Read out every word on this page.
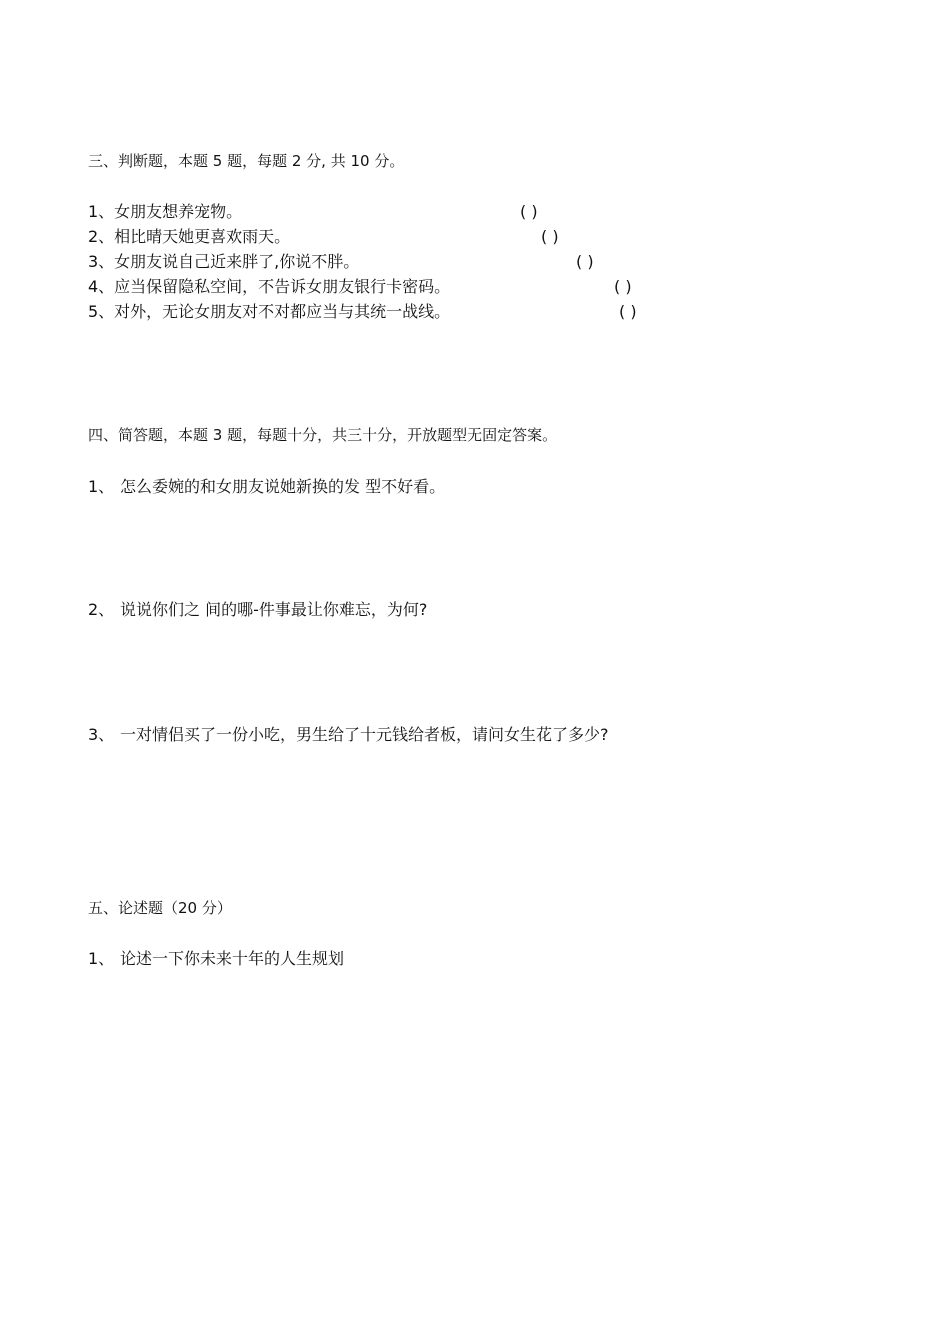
三、判断题，本题 5 题，每题 2 分, 共 10 分。
1、女朋友想养宠物。	( )
2、相比晴天她更喜欢雨天。	( )
3、女朋友说自己近来胖了,你说不胖。	( )
4、应当保留隐私空间，不告诉女朋友银行卡密码。	( )
5、对外，无论女朋友对不对都应当与其统一战线。	( )
四、简答题，本题 3 题，每题十分，共三十分，开放题型无固定答案。
1、 怎么委婉的和女朋友说她新换的发 型不好看。
2、 说说你们之 间的哪-件事最让你难忘，为何?
3、 一对情侣买了一份小吃，男生给了十元钱给者板，请问女生花了多少?
五、论述题（20 分）
1、 论述一下你未来十年的人生规划
